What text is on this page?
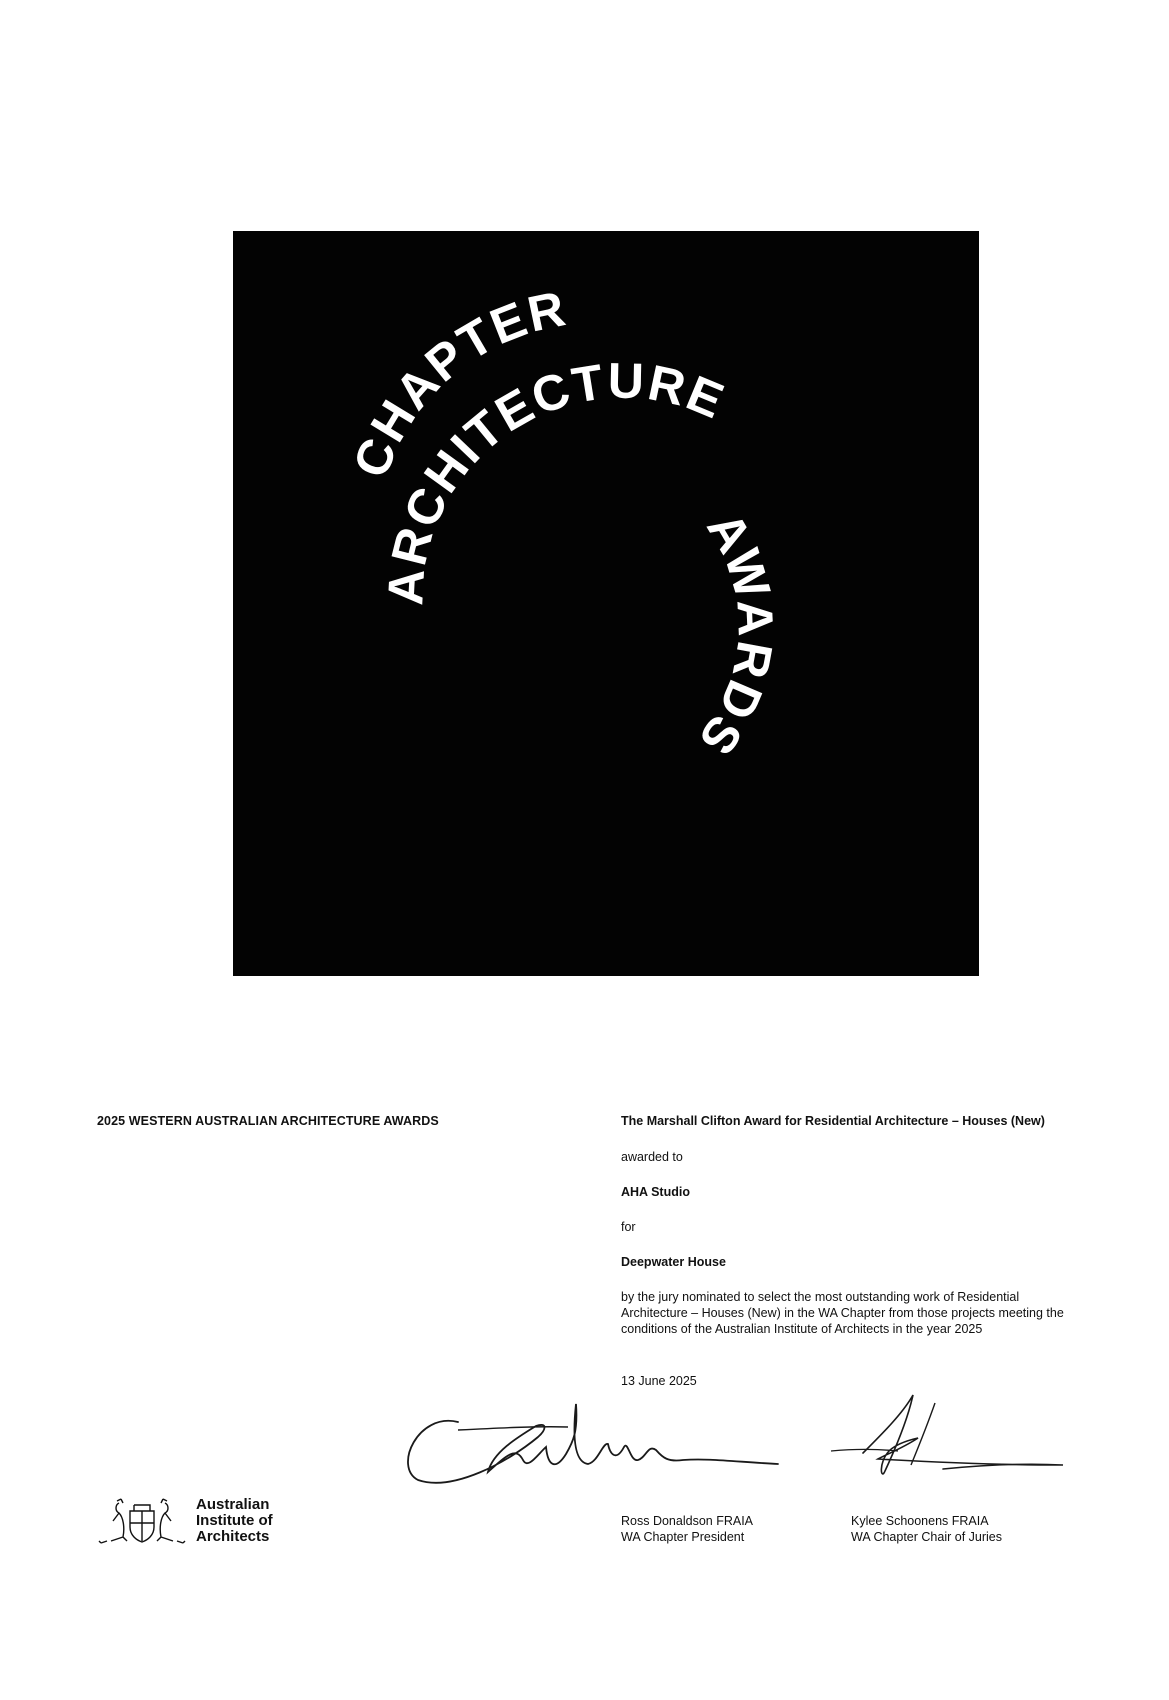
CHAPTER
ARCHITECTURE
AWARDS
2025 WESTERN AUSTRALIAN ARCHITECTURE AWARDS	The Marshall Clifton Award for Residential Architecture – Houses (New)
awarded to
AHA Studio
for
Deepwater House
by the jury nominated to select the most outstanding work of Residential Architecture – Houses (New) in the WA Chapter from those projects meeting the conditions of the Australian Institute of Architects in the year 2025
13 June 2025
Ross Donaldson FRAIA
WA Chapter President
Kylee Schoonens FRAIA
WA Chapter Chair of Juries
Australian
Institute of
Architects
